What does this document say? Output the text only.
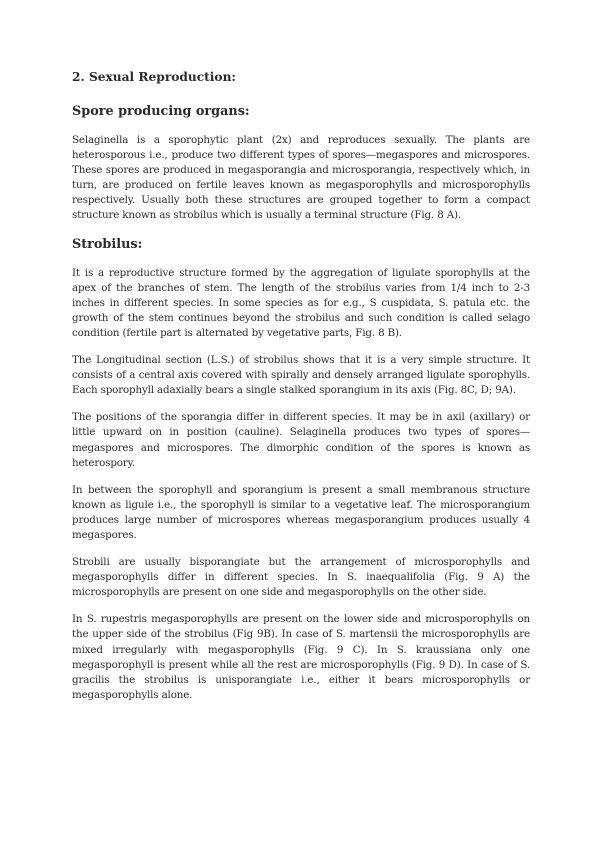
2. Sexual Reproduction:
Spore producing organs:

Selaginella is a sporophytic plant (2x) and reproduces sexually. The plants are heterosporous i.e., produce two different types of spores—megaspores and microspores. These spores are produced in megasporangia and microsporangia, respectively which, in turn, are produced on fertile leaves known as megasporophylls and microsporophylls respectively. Usually both these structures are grouped together to form a compact structure known as strobilus which is usually a terminal structure (Fig. 8 A).

Strobilus:

It is a reproductive structure formed by the aggregation of ligulate sporophylls at the apex of the branches of stem. The length of the strobilus varies from 1/4 inch to 2-3 inches in different species. In some species as for e.g., S cuspidata, S. patula etc. the growth of the stem continues beyond the strobilus and such condition is called selago condition (fertile part is alternated by vegetative parts, Fig. 8 B).

The Longitudinal section (L.S.) of strobilus shows that it is a very simple structure. It consists of a central axis covered with spirally and densely arranged ligulate sporophylls. Each sporophyll adaxially bears a single stalked sporangium in its axis (Fig. 8C, D; 9A).

The positions of the sporangia differ in different species. It may be in axil (axillary) or little upward on in position (cauline). Selaginella produces two types of spores—megaspores and microspores. The dimorphic condition of the spores is known as heterospory.

In between the sporophyll and sporangium is present a small membranous structure known as ligule i.e., the sporophyll is similar to a vegetative leaf. The microsporangium produces large number of microspores whereas megasporangium produces usually 4 megaspores.

Strobili are usually bisporangiate but the arrangement of microsporophylls and megasporophylls differ in different species. In S. inaequalifolia (Fig. 9 A) the microsporophylls are present on one side and megasporophylls on the other side.

In S. rupestris megasporophylls are present on the lower side and microsporophylls on the upper side of the strobilus (Fig 9B). In case of S. martensii the microsporophylls are mixed irregularly with megasporophylls (Fig. 9 C). In S. kraussiana only one megasporophyll is present while all the rest are microsporophylls (Fig. 9 D). In case of S. gracilis the strobilus is unisporangiate i.e., either it bears microsporophylls or megasporophylls alone.
